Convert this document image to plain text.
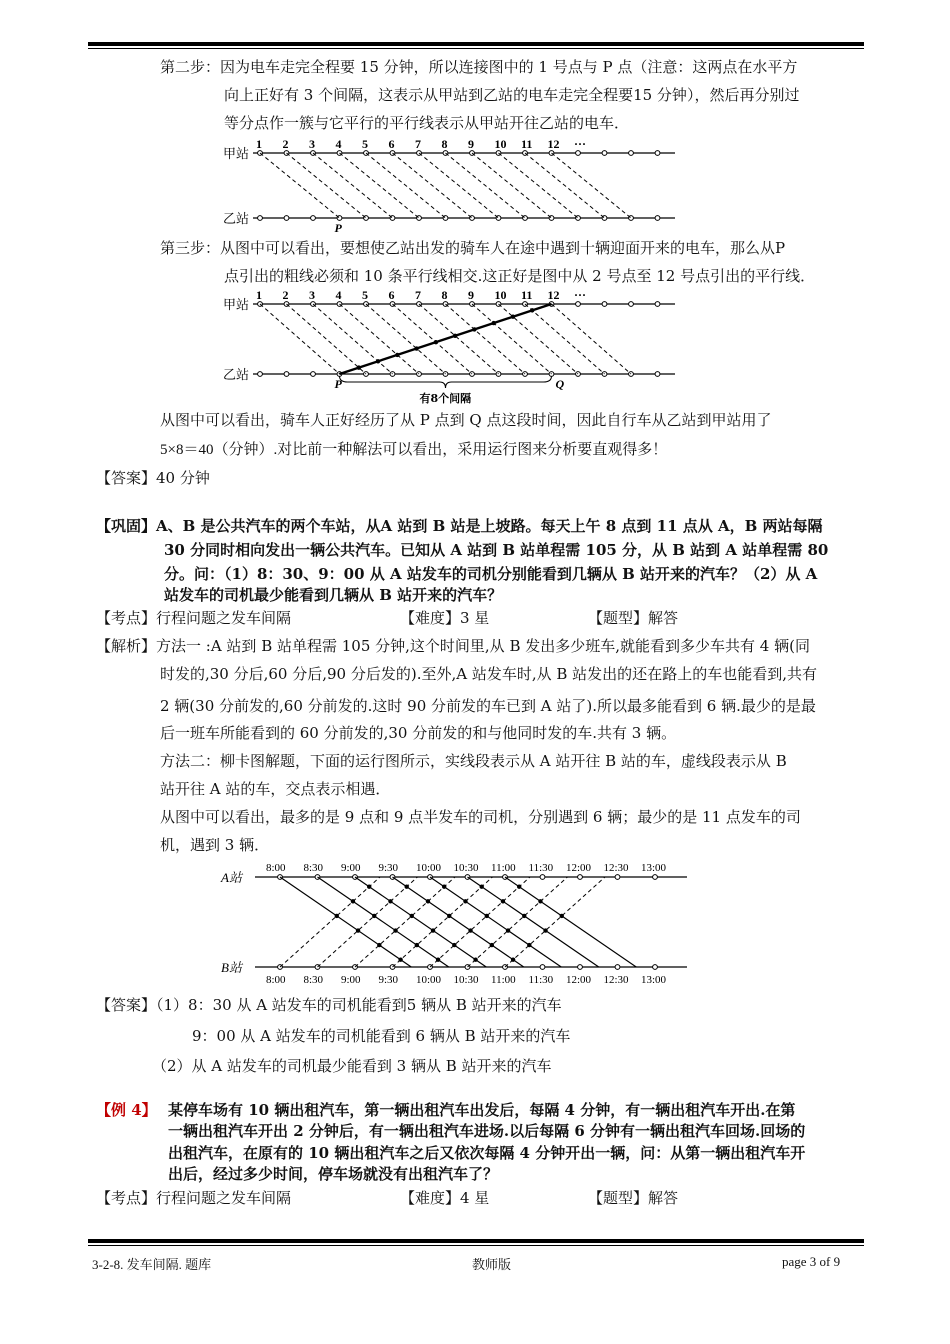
第二步：因为电车走完全程要 15 分钟，所以连接图中的 1 号点与 P 点（注意：这两点在水平方
向上正好有 3 个间隔，这表示从甲站到乙站的电车走完全程要15 分钟），然后再分别过
等分点作一簇与它平行的平行线表示从甲站开往乙站的电车．
甲站
乙站
1 2 3 4 5 6 7 8 9 10 11 12 ···
P
第三步：从图中可以看出，要想使乙站出发的骑车人在途中遇到十辆迎面开来的电车，那么从P
点引出的粗线必须和 10 条平行线相交.这正好是图中从 2 号点至 12 号点引出的平行线．
甲站
乙站
1 2 3 4 5 6 7 8 9 10 11 12 ···
P	Q
有8个间隔
从图中可以看出，骑车人正好经历了从 P 点到 Q 点这段时间，因此自行车从乙站到甲站用了
5×8＝40（分钟）.对比前一种解法可以看出，采用运行图来分析要直观得多！
【答案】40 分钟
【巩固】A、B 是公共汽车的两个车站，从A 站到 B 站是上坡路。每天上午 8 点到 11 点从 A，B 两站每隔
30 分同时相向发出一辆公共汽车。已知从 A 站到 B 站单程需 105 分，从 B 站到 A 站单程需 80
分。问：（1）8：30、9：00 从 A 站发车的司机分别能看到几辆从 B 站开来的汽车？（2）从 A
站发车的司机最少能看到几辆从 B 站开来的汽车？
【考点】行程问题之发车间隔	【难度】3 星	【题型】解答
【解析】方法一 :A 站到 B 站单程需 105 分钟,这个时间里,从 B 发出多少班车,就能看到多少车共有 4 辆(同
时发的,30 分后,60 分后,90 分后发的).至外,A 站发车时,从 B 站发出的还在路上的车也能看到,共有
2 辆(30 分前发的,60 分前发的.这时 90 分前发的车已到 A 站了).所以最多能看到 6 辆.最少的是最
后一班车所能看到的 60 分前发的,30 分前发的和与他同时发的车.共有 3 辆。
方法二：柳卡图解题，下面的运行图所示，实线段表示从 A 站开往 B 站的车，虚线段表示从 B
站开往 A 站的车，交点表示相遇．
从图中可以看出，最多的是 9 点和 9 点半发车的司机，分别遇到 6 辆；最少的是 11 点发车的司
机，遇到 3 辆．
A站
B站
8:00
8:00
8:30
8:30
9:00
9:00
9:30
9:30
10:00
10:00
10:30
10:30
11:00
11:00
11:30
11:30
12:00
12:00
12:30
12:30
13:00
13:00
【答案】（1）8：30 从 A 站发车的司机能看到5 辆从 B 站开来的汽车
9：00 从 A 站发车的司机能看到 6 辆从 B 站开来的汽车
（2）从 A 站发车的司机最少能看到 3 辆从 B 站开来的汽车
【例 4】 某停车场有 10 辆出租汽车，第一辆出租汽车出发后，每隔 4 分钟，有一辆出租汽车开出.在第
一辆出租汽车开出 2 分钟后，有一辆出租汽车进场.以后每隔 6 分钟有一辆出租汽车回场.回场的
出租汽车，在原有的 10 辆出租汽车之后又依次每隔 4 分钟开出一辆，问：从第一辆出租汽车开
出后，经过多少时间，停车场就没有出租汽车了？
【考点】行程问题之发车间隔	【难度】4 星	【题型】解答
3-2-8. 发车间隔. 题库	教师版	page 3 of 9
